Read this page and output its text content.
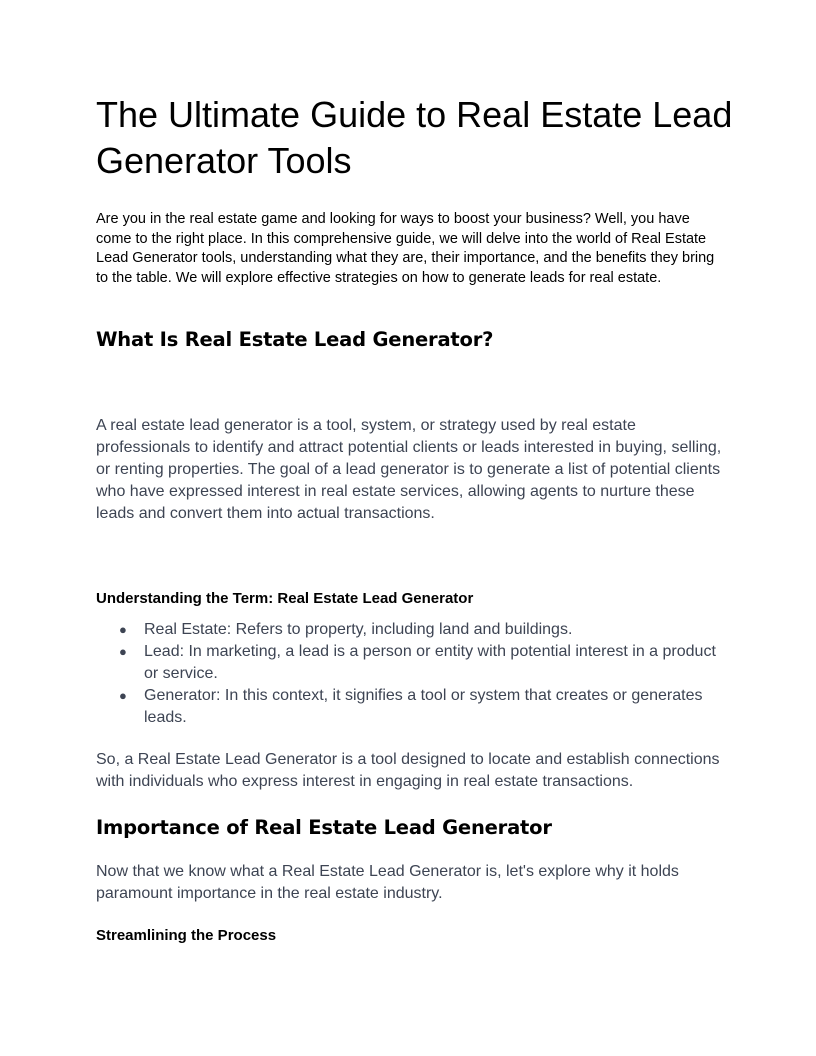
The Ultimate Guide to Real Estate Lead Generator Tools

Are you in the real estate game and looking for ways to boost your business? Well, you have come to the right place. In this comprehensive guide, we will delve into the world of Real Estate Lead Generator tools, understanding what they are, their importance, and the benefits they bring to the table. We will explore effective strategies on how to generate leads for real estate.

What Is Real Estate Lead Generator?

A real estate lead generator is a tool, system, or strategy used by real estate professionals to identify and attract potential clients or leads interested in buying, selling, or renting properties. The goal of a lead generator is to generate a list of potential clients who have expressed interest in real estate services, allowing agents to nurture these leads and convert them into actual transactions.

Understanding the Term: Real Estate Lead Generator
● Real Estate: Refers to property, including land and buildings.
● Lead: In marketing, a lead is a person or entity with potential interest in a product or service.
● Generator: In this context, it signifies a tool or system that creates or generates leads.

So, a Real Estate Lead Generator is a tool designed to locate and establish connections with individuals who express interest in engaging in real estate transactions.

Importance of Real Estate Lead Generator

Now that we know what a Real Estate Lead Generator is, let's explore why it holds paramount importance in the real estate industry.

Streamlining the Process
